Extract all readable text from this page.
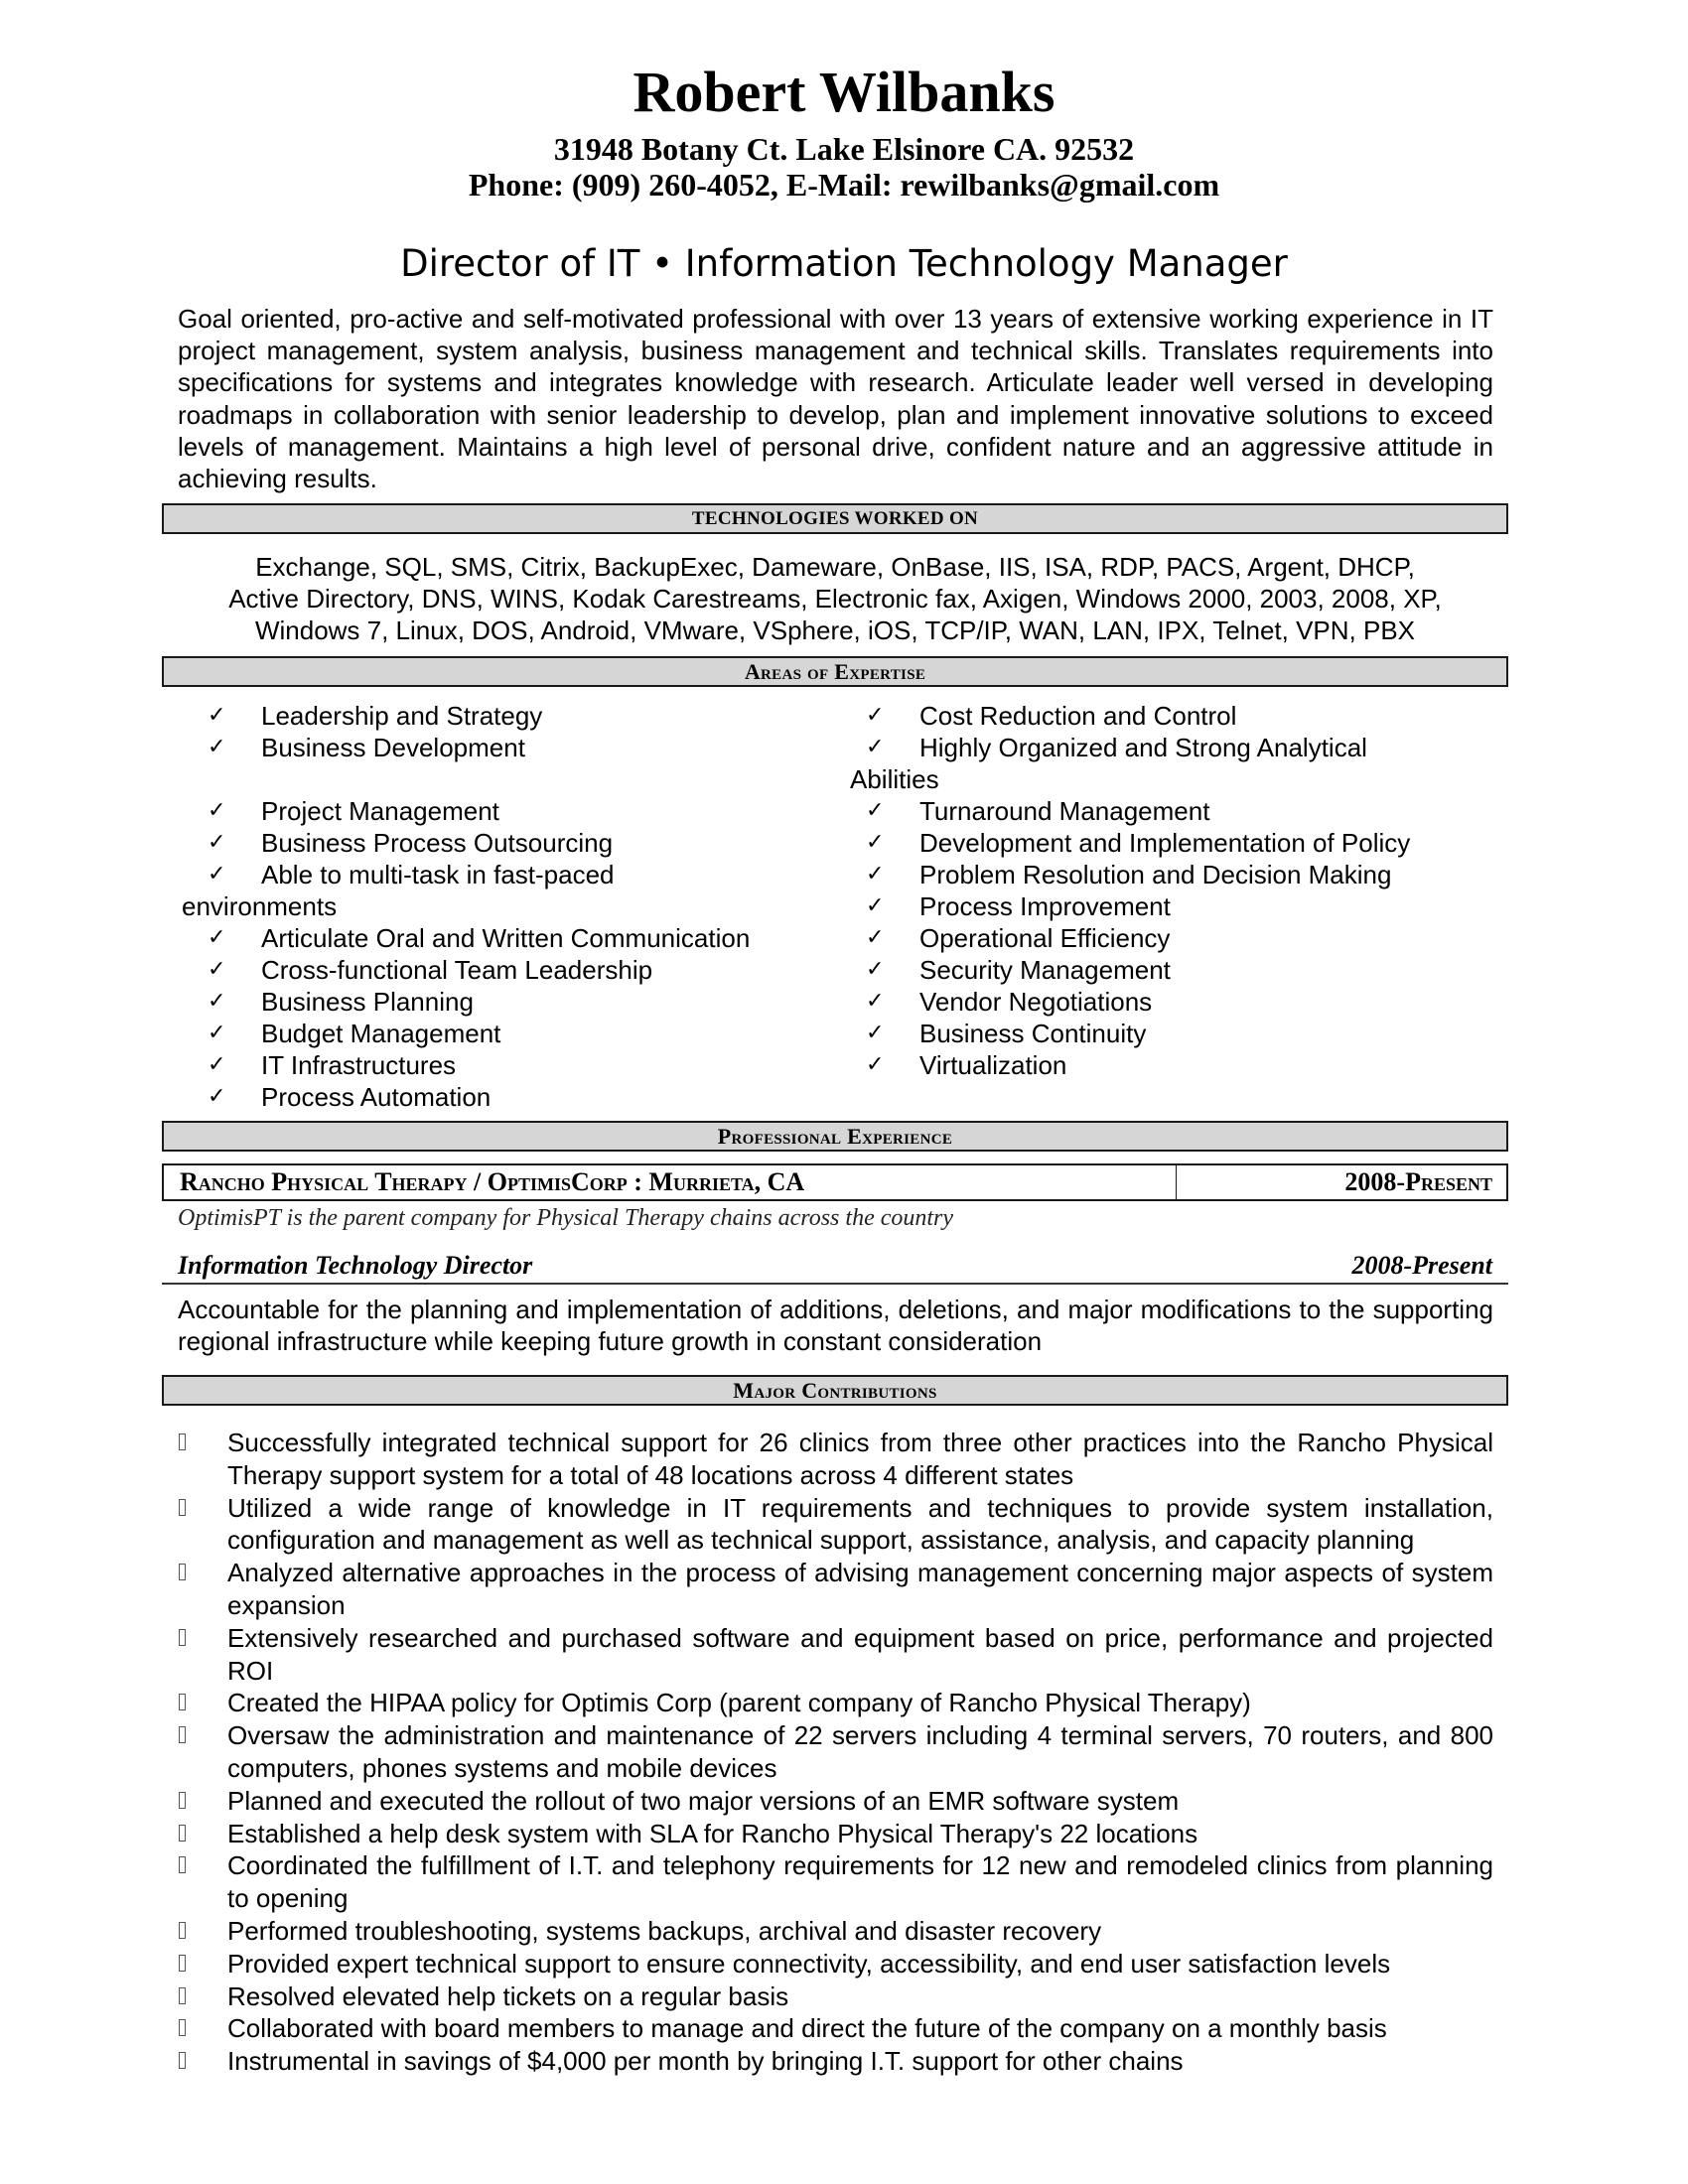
Robert Wilbanks
31948 Botany Ct. Lake Elsinore CA. 92532
Phone: (909) 260-4052, E-Mail: rewilbanks@gmail.com
Director of IT • Information Technology Manager
Goal oriented, pro-active and self-motivated professional with over 13 years of extensive working experience in IT project management, system analysis, business management and technical skills. Translates requirements into specifications for systems and integrates knowledge with research. Articulate leader well versed in developing roadmaps in collaboration with senior leadership to develop, plan and implement innovative solutions to exceed levels of management. Maintains a high level of personal drive, confident nature and an aggressive attitude in achieving results.
TECHNOLOGIES WORKED ON
Exchange, SQL, SMS, Citrix, BackupExec, Dameware, OnBase, IIS, ISA, RDP, PACS, Argent, DHCP,
Active Directory, DNS, WINS, Kodak Carestreams, Electronic fax, Axigen, Windows 2000, 2003, 2008, XP,
Windows 7, Linux, DOS, Android, VMware, VSphere, iOS, TCP/IP, WAN, LAN, IPX, Telnet, VPN, PBX
Areas of Expertise
✓ Leadership and Strategy
✓ Business Development
✓ Project Management
✓ Business Process Outsourcing
✓ Able to multi-task in fast-paced
environments
✓ Articulate Oral and Written Communication
✓ Cross-functional Team Leadership
✓ Business Planning
✓ Budget Management
✓ IT Infrastructures
✓ Process Automation
✓ Cost Reduction and Control
✓ Highly Organized and Strong Analytical
Abilities
✓ Turnaround Management
✓ Development and Implementation of Policy
✓ Problem Resolution and Decision Making
✓ Process Improvement
✓ Operational Efficiency
✓ Security Management
✓ Vendor Negotiations
✓ Business Continuity
✓ Virtualization
Professional Experience
Rancho Physical Therapy / OptimisCorp : Murrieta, CA	2008-Present
OptimisPT is the parent company for Physical Therapy chains across the country
Information Technology Director	2008-Present
Accountable for the planning and implementation of additions, deletions, and major modifications to the supporting regional infrastructure while keeping future growth in constant consideration
Major Contributions
Successfully integrated technical support for 26 clinics from three other practices into the Rancho Physical Therapy support system for a total of 48 locations across 4 different states
Utilized a wide range of knowledge in IT requirements and techniques to provide system installation, configuration and management as well as technical support, assistance, analysis, and capacity planning
Analyzed alternative approaches in the process of advising management concerning major aspects of system expansion
Extensively researched and purchased software and equipment based on price, performance and projected ROI
Created the HIPAA policy for Optimis Corp (parent company of Rancho Physical Therapy)
Oversaw the administration and maintenance of 22 servers including 4 terminal servers, 70 routers, and 800 computers, phones systems and mobile devices
Planned and executed the rollout of two major versions of an EMR software system
Established a help desk system with SLA for Rancho Physical Therapy's 22 locations
Coordinated the fulfillment of I.T. and telephony requirements for 12 new and remodeled clinics from planning to opening
Performed troubleshooting, systems backups, archival and disaster recovery
Provided expert technical support to ensure connectivity, accessibility, and end user satisfaction levels
Resolved elevated help tickets on a regular basis
Collaborated with board members to manage and direct the future of the company on a monthly basis
Instrumental in savings of $4,000 per month by bringing I.T. support for other chains
